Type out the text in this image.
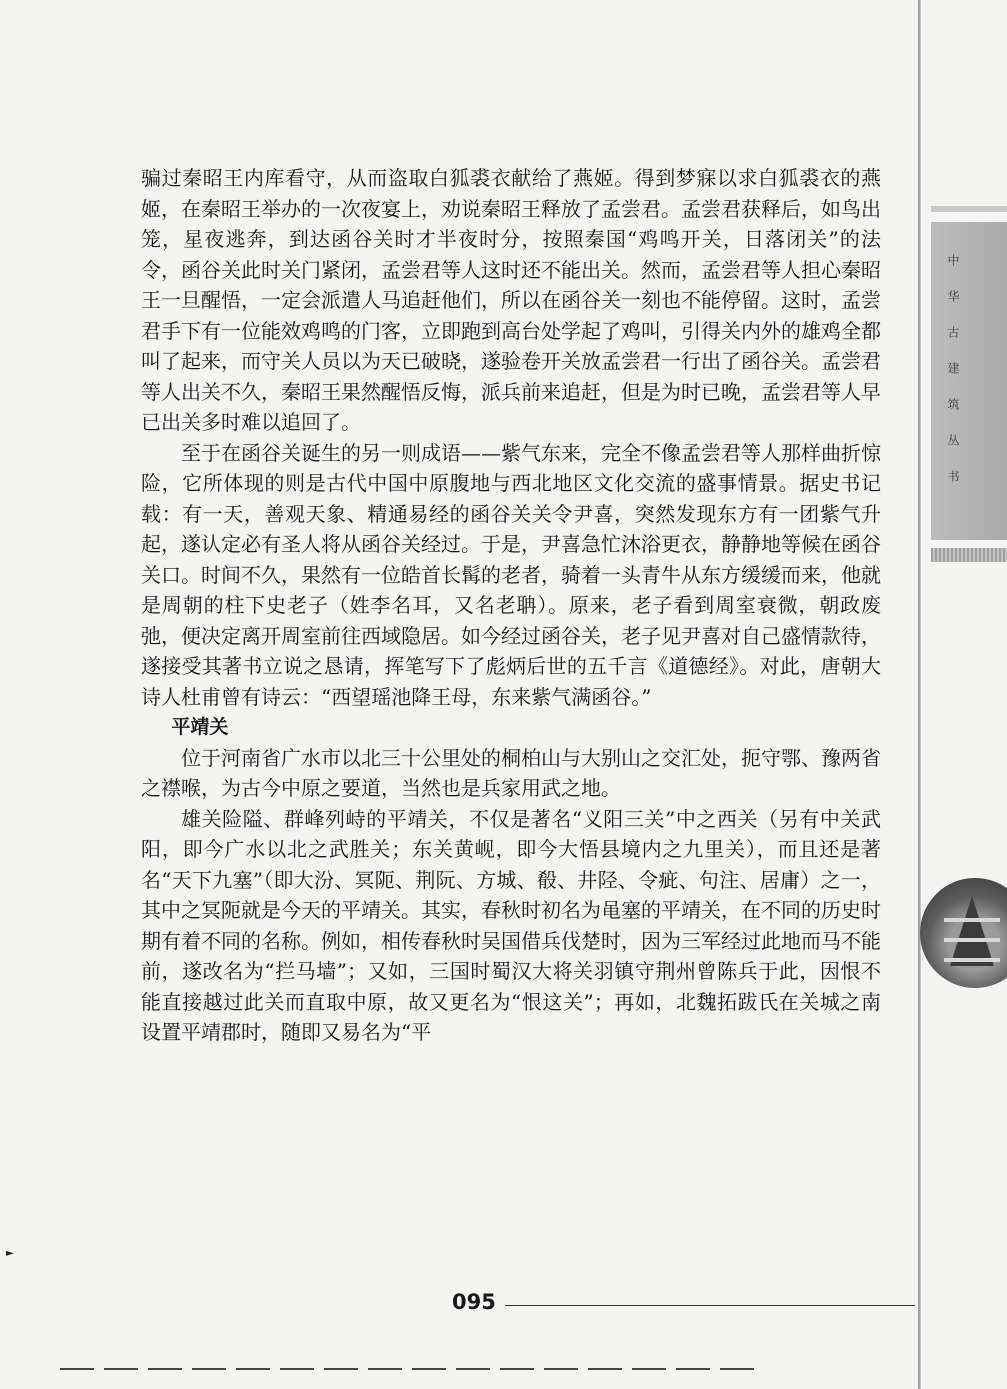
骗过秦昭王内库看守，从而盗取白狐裘衣献给了燕姬。得到梦寐以求白狐裘衣的燕姬，在秦昭王举办的一次夜宴上，劝说秦昭王释放了孟尝君。孟尝君获释后，如鸟出笼，星夜逃奔，到达函谷关时才半夜时分，按照秦国“鸡鸣开关，日落闭关”的法令，函谷关此时关门紧闭，孟尝君等人这时还不能出关。然而，孟尝君等人担心秦昭王一旦醒悟，一定会派遣人马追赶他们，所以在函谷关一刻也不能停留。这时，孟尝君手下有一位能效鸡鸣的门客，立即跑到高台处学起了鸡叫，引得关内外的雄鸡全都叫了起来，而守关人员以为天已破晓，遂验卷开关放孟尝君一行出了函谷关。孟尝君等人出关不久，秦昭王果然醒悟反悔，派兵前来追赶，但是为时已晚，孟尝君等人早已出关多时难以追回了。

至于在函谷关诞生的另一则成语——紫气东来，完全不像孟尝君等人那样曲折惊险，它所体现的则是古代中国中原腹地与西北地区文化交流的盛事情景。据史书记载：有一天，善观天象、精通易经的函谷关关令尹喜，突然发现东方有一团紫气升起，遂认定必有圣人将从函谷关经过。于是，尹喜急忙沐浴更衣，静静地等候在函谷关口。时间不久，果然有一位皓首长髯的老者，骑着一头青牛从东方缓缓而来，他就是周朝的柱下史老子（姓李名耳，又名老聃）。原来，老子看到周室衰微，朝政废弛，便决定离开周室前往西域隐居。如今经过函谷关，老子见尹喜对自己盛情款待，遂接受其著书立说之恳请，挥笔写下了彪炳后世的五千言《道德经》。对此，唐朝大诗人杜甫曾有诗云：“西望瑶池降王母，东来紫气满函谷。”

平靖关

位于河南省广水市以北三十公里处的桐柏山与大别山之交汇处，扼守鄂、豫两省之襟喉，为古今中原之要道，当然也是兵家用武之地。

雄关险隘、群峰列峙的平靖关，不仅是著名“义阳三关”中之西关（另有中关武阳，即今广水以北之武胜关；东关黄岘，即今大悟县境内之九里关），而且还是著名“天下九塞”（即大汾、冥阨、荆阮、方城、殽、井陉、令疵、句注、居庸）之一，其中之冥阨就是今天的平靖关。其实，春秋时初名为黾塞的平靖关，在不同的历史时期有着不同的名称。例如，相传春秋时吴国借兵伐楚时，因为三军经过此地而马不能前，遂改名为“拦马墙”；又如，三国时蜀汉大将关羽镇守荆州曾陈兵于此，因恨不能直接越过此关而直取中原，故又更名为“恨这关”；再如，北魏拓跋氏在关城之南设置平靖郡时，随即又易名为“平

095
►
